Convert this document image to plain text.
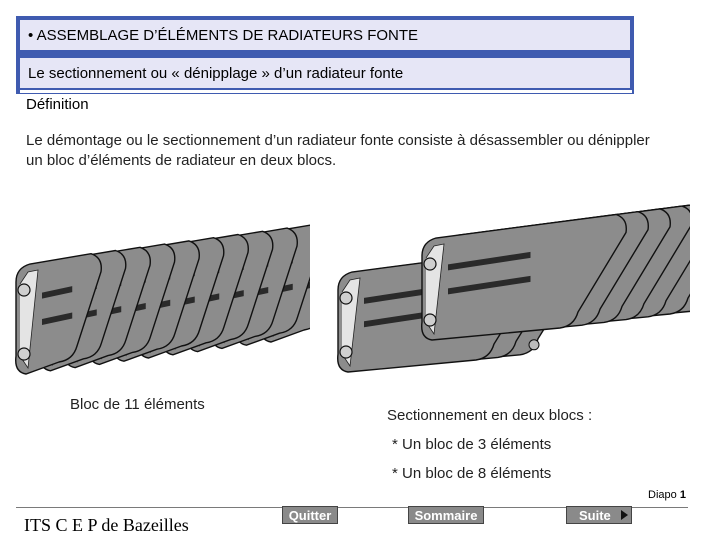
• ASSEMBLAGE D’ÉLÉMENTS DE RADIATEURS FONTE
Le sectionnement ou « dénipplage » d’un radiateur fonte
Définition
Le démontage ou le sectionnement d’un radiateur fonte consiste à désassembler ou dénippler un bloc d’éléments de radiateur en deux blocs.
Bloc de 11 éléments
Sectionnement en deux blocs :
* Un bloc de 3 éléments
* Un bloc de 8 éléments
Diapo 1
ITS C E P de Bazeilles	Quitter	Sommaire	Suite
